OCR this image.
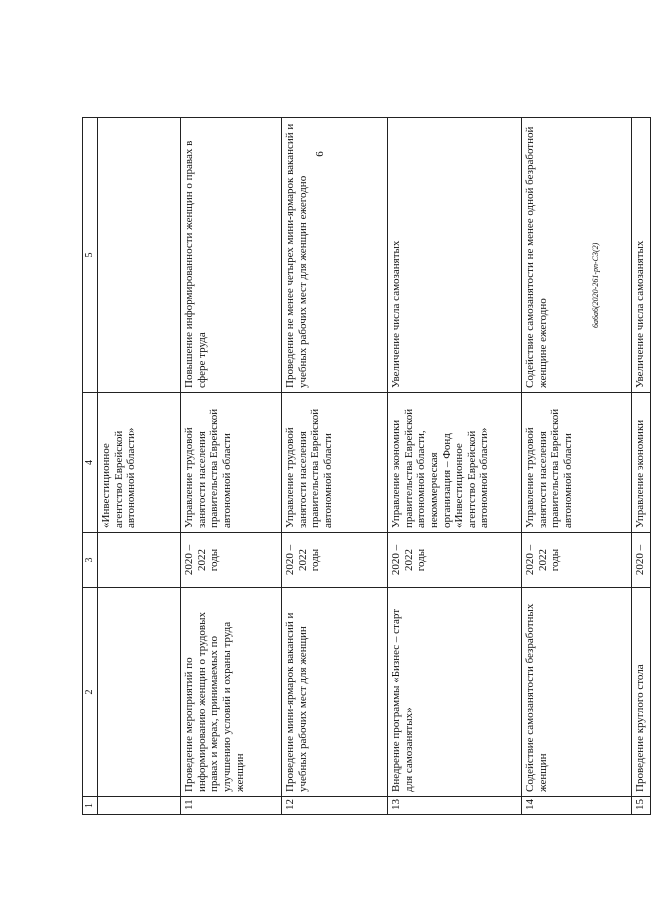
6
6a6a6(2020-261-pn-C3(2)
1	2	3	4	5
			«Инвестиционное агентство Еврейской автономной области»	
11	Проведение мероприятий по информированию женщин о трудовых правах и мерах, принимаемых по улучшению условий и охраны труда женщин	2020 – 2022 годы	Управление трудовой занятости населения правительства Еврейской автономной области	Повышение информированности женщин о правах в сфере труда
12	Проведение мини-ярмарок вакансий и учебных рабочих мест для женщин	2020 – 2022 годы	Управление трудовой занятости населения правительства Еврейской автономной области	Проведение не менее четырех мини-ярмарок вакансий и учебных рабочих мест для женщин ежегодно
13	Внедрение программы «Бизнес – старт для самозанятых»	2020 – 2022 годы	Управление экономики правительства Еврейской автономной области, некоммерческая организация – Фонд «Инвестиционное агентство Еврейской автономной области»	Увеличение числа самозанятых
14	Содействие самозанятости безработных женщин	2020 – 2022 годы	Управление трудовой занятости населения правительства Еврейской автономной области	Содействие самозанятости не менее одной безработной женщине ежегодно
15	Проведение круглого стола	2020 –	Управление экономики	Увеличение числа самозанятых
